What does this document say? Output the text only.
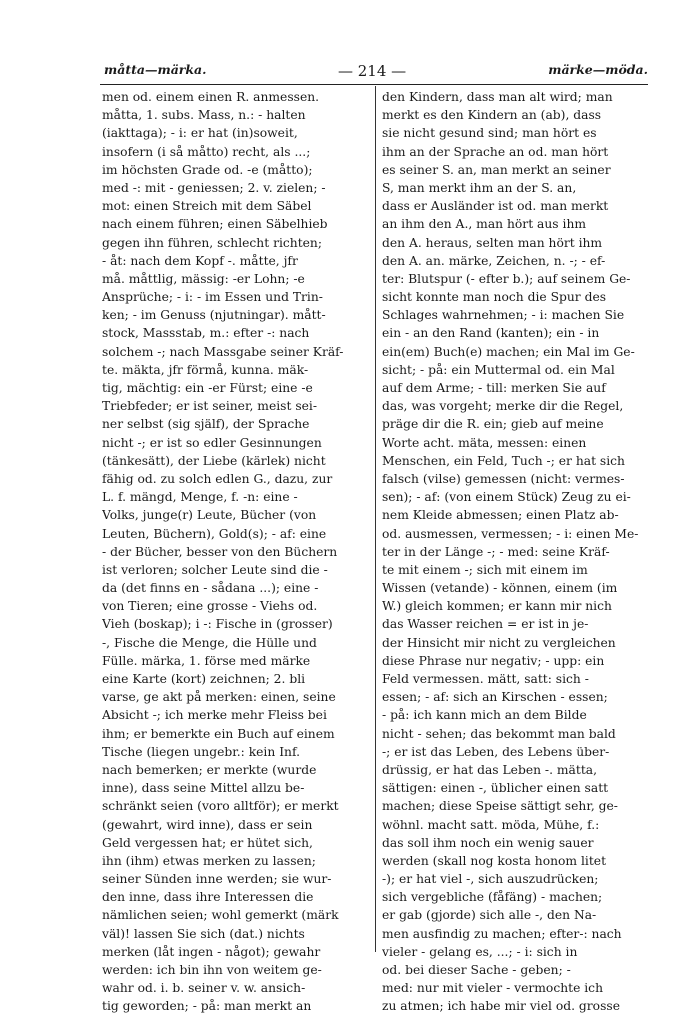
måtta—märka.	— 214 —	märke—möda.
men od. einem einen R. anmessen.
måtta, 1. subs. Mass, n.: - halten
(iakttaga); - i: er hat (in)soweit,
insofern (i så måtto) recht, als ...;
im höchsten Grade od. -e (måtto);
med -: mit - geniessen; 2. v. zielen; -
mot: einen Streich mit dem Säbel
nach einem führen; einen Säbelhieb
gegen ihn führen, schlecht richten;
- åt: nach dem Kopf -. måtte, jfr
må. måttlig, mässig: -er Lohn; -e
Ansprüche; - i: - im Essen und Trin-
ken; - im Genuss (njutningar). mått-
stock, Massstab, m.: efter -: nach
solchem -; nach Massgabe seiner Kräf-
te. mäkta, jfr förmå, kunna. mäk-
tig, mächtig: ein -er Fürst; eine -e
Triebfeder; er ist seiner, meist sei-
ner selbst (sig själf), der Sprache
nicht -; er ist so edler Gesinnungen
(tänkesätt), der Liebe (kärlek) nicht
fähig od. zu solch edlen G., dazu, zur
L. f. mängd, Menge, f. -n: eine -
Volks, junge(r) Leute, Bücher (von
Leuten, Büchern), Gold(s); - af: eine
- der Bücher, besser von den Büchern
ist verloren; solcher Leute sind die -
da (det finns en - sådana ...); eine -
von Tieren; eine grosse - Viehs od.
Vieh (boskap); i -: Fische in (grosser)
-, Fische die Menge, die Hülle und
Fülle. märka, 1. förse med märke
eine Karte (kort) zeichnen; 2. bli
varse, ge akt på merken: einen, seine
Absicht -; ich merke mehr Fleiss bei
ihm; er bemerkte ein Buch auf einem
Tische (liegen ungebr.: kein Inf.
nach bemerken; er merkte (wurde
inne), dass seine Mittel allzu be-
schränkt seien (voro alltför); er merkt
(gewahrt, wird inne), dass er sein
Geld vergessen hat; er hütet sich,
ihn (ihm) etwas merken zu lassen;
seiner Sünden inne werden; sie wur-
den inne, dass ihre Interessen die
nämlichen seien; wohl gemerkt (märk
väl)! lassen Sie sich (dat.) nichts
merken (låt ingen - något); gewahr
werden: ich bin ihn von weitem ge-
wahr od. i. b. seiner v. w. ansich-
tig geworden; - på: man merkt an
den Kindern, dass man alt wird; man
merkt es den Kindern an (ab), dass
sie nicht gesund sind; man hört es
ihm an der Sprache an od. man hört
es seiner S. an, man merkt an seiner
S, man merkt ihm an der S. an,
dass er Ausländer ist od. man merkt
an ihm den A., man hört aus ihm
den A. heraus, selten man hört ihm
den A. an. märke, Zeichen, n. -; - ef-
ter: Blutspur (- efter b.); auf seinem Ge-
sicht konnte man noch die Spur des
Schlages wahrnehmen; - i: machen Sie
ein - an den Rand (kanten); ein - in
ein(em) Buch(e) machen; ein Mal im Ge-
sicht; - på: ein Muttermal od. ein Mal
auf dem Arme; - till: merken Sie auf
das, was vorgeht; merke dir die Regel,
präge dir die R. ein; gieb auf meine
Worte acht. mäta, messen: einen
Menschen, ein Feld, Tuch -; er hat sich
falsch (vilse) gemessen (nicht: vermes-
sen); - af: (von einem Stück) Zeug zu ei-
nem Kleide abmessen; einen Platz ab-
od. ausmessen, vermessen; - i: einen Me-
ter in der Länge -; - med: seine Kräf-
te mit einem -; sich mit einem im
Wissen (vetande) - können, einem (im
W.) gleich kommen; er kann mir nich
das Wasser reichen = er ist in je-
der Hinsicht mir nicht zu vergleichen
diese Phrase nur negativ; - upp: ein
Feld vermessen. mätt, satt: sich -
essen; - af: sich an Kirschen - essen;
- på: ich kann mich an dem Bilde
nicht - sehen; das bekommt man bald
-; er ist das Leben, des Lebens über-
drüssig, er hat das Leben -. mätta,
sättigen: einen -, üblicher einen satt
machen; diese Speise sättigt sehr, ge-
wöhnl. macht satt. möda, Mühe, f.:
das soll ihm noch ein wenig sauer
werden (skall nog kosta honom litet
-); er hat viel -, sich auszudrücken;
sich vergebliche (fåfäng) - machen;
er gab (gjorde) sich alle -, den Na-
men ausfindig zu machen; efter-: nach
vieler - gelang es, ...; - i: sich in
od. bei dieser Sache - geben; -
med: nur mit vieler - vermochte ich
zu atmen; ich habe mir viel od. grosse
